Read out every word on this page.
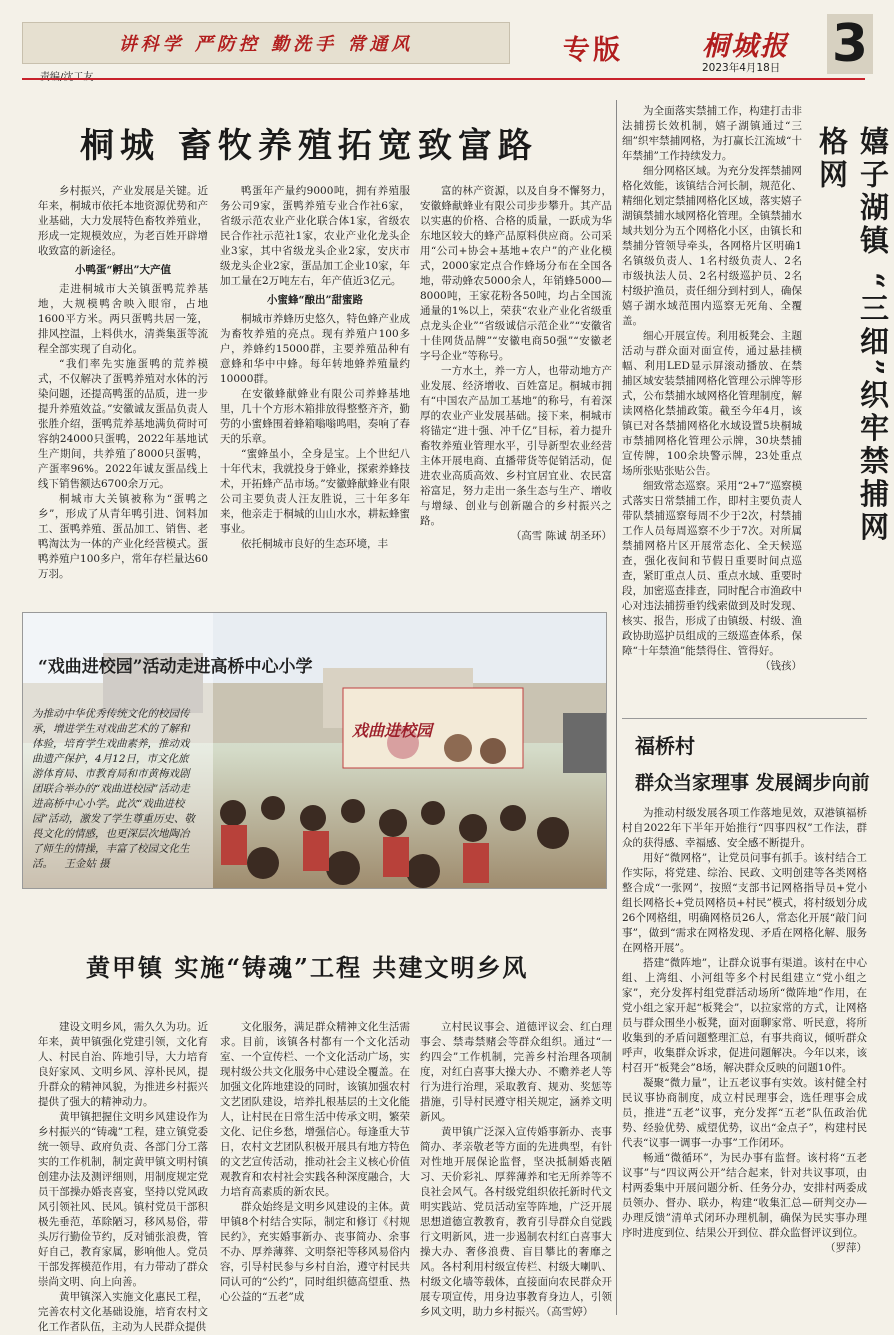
讲科学 严防控 勤洗手 常通风	专版	桐城报 3
2023年4月18日
桐城 畜牧养殖拓宽致富路

乡村振兴，产业发展是关键。近年来，桐城市依托本地资源优势和产业基础，大力发展特色畜牧养殖业，形成一定规模效应，为老百姓开辟增收致富的新途径。

小鸭蛋“孵出”大产值

走进桐城市大关镇蛋鸭荒养基地，大规模鸭舍映入眼帘，占地1600平方米。两只蛋鸭共居一笼，排风控温，上料供水，清粪集蛋等流程全部实现了自动化。

“我们率先实施蛋鸭的荒养模式，不仅解决了蛋鸭养殖对水体的污染问题，还提高鸭蛋的品质，进一步提升养殖效益。”安徽诚友蛋品负责人张胜介绍，蛋鸭荒养基地满负荷时可容纳24000只蛋鸭，2022年基地试生产期间，共养殖了8000只蛋鸭，产蛋率96%。2022年诚友蛋品线上线下销售额达6700余万元。

桐城市大关镇被称为“蛋鸭之乡”，形成了从青年鸭引进、饲料加工、蛋鸭养殖、蛋品加工、销售、老鸭淘汰为一体的产业化经营模式。蛋鸭养殖户100多户，常年存栏量达60万羽。

鸭蛋年产量约9000吨，拥有养殖服务公司9家，蛋鸭养殖专业合作社6家，省级示范农业产业化联合体1家，省级农民合作社示范社1家，农业产业化龙头企业3家，其中省级龙头企业2家，安庆市级龙头企业2家，蛋品加工企业10家，年加工量在2万吨左右，年产值近3亿元。

小蜜蜂“酿出”甜蜜路

桐城市养蜂历史悠久，特色蜂产业成为畜牧养殖的亮点。现有养殖户100多户，养蜂约15000群，主要养殖品种有意蜂和华中中蜂。每年转地蜂养殖量约10000群。

在安徽蜂献蜂业有限公司养蜂基地里，几十个方形木箱排放得整整齐齐，勤劳的小蜜蜂围着蜂箱嗡嗡鸣唱，奏响了春天的乐章。

“蜜蜂虽小，全身是宝。上个世纪八十年代末，我就投身于蜂业，探索养蜂技术，开拓蜂产品市场。”安徽蜂献蜂业有限公司主要负责人汪友胜说，三十年多年来，他亲走于桐城的山山水水，耕耘蜂蜜事业。

依托桐城市良好的生态环境，丰

富的林产资源，以及自身不懈努力，安徽蜂献蜂业有限公司步步攀升。其产品以实惠的价格、合格的质量，一跃成为华东地区较大的蜂产品原料供应商。公司采用“公司+协会+基地+农户”的产业化模式，2000家定点合作蜂场分布在全国各地，带动蜂农5000余人，年销蜂5000—8000吨，王家花粉各50吨，均占全国流通量的1%以上，荣获“农业产业化省级重点龙头企业”“省级诚信示范企业”“安徽省十佳网货品牌”“安徽电商50强”“安徽老字号企业”等称号。

一方水土，养一方人，也带动地方产业发展、经济增收、百姓富足。桐城市拥有“中国农产品加工基地”的称号，有着深厚的农业产业发展基础。接下来，桐城市将锚定“进十强、冲千亿”目标，着力提升畜牧养殖业管理水平，引导新型农业经营主体开展电商、直播带货等促销活动，促进农业高质高效、乡村宜居宜业、农民富裕富足，努力走出一条生态与生产、增收与增绿、创业与创新融合的乡村振兴之路。

（高雪 陈诚 胡圣环）	嬉子湖镇 “三细”织牢禁捕网格网

为全面落实禁捕工作，构建打击非法捕捞长效机制，嬉子湖镇通过“三细”织牢禁捕网格，为打赢长江流域“十年禁捕”工作持续发力。

细分网格区域。为充分发挥禁捕网格化效能，该镇结合河长制，规范化、精细化划定禁捕网格化区域，落实嬉子湖镇禁捕水域网格化管理。全镇禁捕水域共划分为五个网格化小区，由镇长和禁捕分管领导牵头，各网格片区明确1名镇级负责人、1名村级负责人、2名市级执法人员、2名村级巡护员、2名村级护渔员，责任细分到村到人，确保嬉子湖水域范围内巡察无死角、全覆盖。

细心开展宣传。利用板凳会、主题活动与群众面对面宣传，通过悬挂横幅、利用LED显示屏滚动播放、在禁捕区域安装禁捕网格化管理公示牌等形式，公布禁捕水域网格化管理制度，解读网格化禁捕政策。截至今年4月，该镇已对各禁捕网格化水域设置5块桐城市禁捕网格化管理公示牌，30块禁捕宣传牌，100余块警示牌，23处重点场所张贴张贴公告。

细致常态巡察。采用“2+7”巡察模式落实日常禁捕工作，即村主要负责人带队禁捕巡察每周不少于2次，村禁捕工作人员每周巡察不少于7次。对所属禁捕网格片区开展常态化、全天候巡查，强化夜间和节假日重要时间点巡查，紧盯重点人员、重点水域、重要时段，加密巡查排查，同时配合市渔政中心对违法捕捞垂钓线索做到及时发现、核实、报告，形成了由镇级、村级、渔政协助巡护员组成的三级巡查体系，保障“十年禁渔”能禁得住、管得好。

（钱孩）

戏曲进校园
“戏曲进校园”活动走进高桥中心小学
为推动中华优秀传统文化的校园传承，增进学生对戏曲艺术的了解和体验，培育学生戏曲素养，推动戏曲遗产保护，4月12日，市文化旅游体育局、市教育局和市黄梅戏剧团联合举办的“戏曲进校园”活动走进高桥中心小学。此次“戏曲进校园”活动，激发了学生尊重历史、敬畏文化的情感，也更深层次地陶冶了师生的情操，丰富了校园文化生活。 王金姑 摄
福桥村
群众当家理事 发展阔步向前

为推动村级发展各项工作落地见效，双港镇福桥村自2022年下半年开始推行“四事四权”工作法，群众的获得感、幸福感、安全感不断提升。

用好“微网格”，让党员问事有抓手。该村结合工作实际，将党建、综治、民政、文明创建等各类网格整合成“一张网”，按照“支部书记网格指导员+党小组长网格长+党员网格员+村民”模式，将村级划分成26个网格组，明确网格员26人，常态化开展“敲门问事”，做到“需求在网格发现、矛盾在网格化解、服务在网格开展”。

搭建“微阵地”，让群众说事有渠道。该村在中心组、上湾组、小河组等多个村民组建立“党小组之家”，充分发挥村组党群活动场所“微阵地”作用，在党小组之家开起“板凳会”，以拉家常的方式，让网格员与群众围坐小板凳，面对面聊家常、听民意，将所收集到的矛盾问题整理汇总，有事共商议，倾听群众呼声，收集群众诉求，促进问题解决。今年以来，该村召开“板凳会”8场，解决群众反映的问题10件。

凝聚“微力量”，让五老议事有实效。该村健全村民议事协商制度，成立村民理事会，选任理事会成员，推进“五老”议事，充分发挥“五老”队伍政治优势、经验优势、威望优势，议出“金点子”，构建村民代表“议事一调事一办事”工作闭环。

畅通“微循环”，为民办事有监督。该村将“五老议事”与“四议两公开”结合起来，针对共议事项，由村两委集中开展问题分析、任务分办，安排村两委成员领办、督办、联办，构建“收集汇总—研判交办—办理反馈”清单式闭环办理机制，确保为民实事办理序时进度到位、结果公开到位、群众监督评议到位。

（罗萍）

黄甲镇 实施“铸魂”工程 共建文明乡风

建设文明乡风，需久久为功。近年来，黄甲镇强化党建引领，文化育人、村民自治、阵地引导，大力培育良好家风、文明乡风、淳朴民风，提升群众的精神风貌，为推进乡村振兴提供了强大的精神动力。

黄甲镇把握住文明乡风建设作为乡村振兴的“铸魂”工程，建立镇党委统一领导、政府负责、各部门分工落实的工作机制，制定黄甲镇文明村镇创建办法及测评细则，用制度规定党员干部操办婚丧喜宴，坚持以党风政风引领社风、民风。镇村党员干部积极先垂范，革除陋习，移风易俗，带头厉行勤俭节约，反对铺张浪费，管好自己，教育家属，影响他人。党员干部发挥模范作用，有力带动了群众崇尚文明、向上向善。

黄甲镇深入实施文化惠民工程，完善农村文化基础设施，培育农村文化工作者队伍，主动为人民群众提供

文化服务，满足群众精神文化生活需求。目前，该镇各村都有一个文化活动室、一个宣传栏、一个文化活动广场，实现村级公共文化服务中心建设全覆盖。在加强文化阵地建设的同时，该镇加强农村文艺团队建设，培养扎根基层的土文化能人，让村民在日常生活中传承文明，繁荣文化、记住乡愁，增强信心。每逢重大节日，农村文艺团队积极开展具有地方特色的文艺宣传活动，推动社会主义核心价值观教育和农村社会实践各种深度融合，大力培育高素质的新农民。

群众始终是文明乡风建设的主体。黄甲镇8个村结合实际，制定和修订《村规民约》，充实婚事新办、丧事简办、余事不办、厚养薄葬、文明祭祀等移风易俗内容，引导村民参与乡村自治，遵守村民共同认可的“公约”，同时组织德高望重、热心公益的“五老”成

立村民议事会、道德评议会、红白理事会、禁毒禁赌会等群众组织。通过“一约四会”工作机制，完善乡村治理各项制度，对红白喜事大操大办、不赡养老人等行为进行治理，采取教育、规劝、奖惩等措施，引导村民遵守相关规定，涵养文明新风。

黄甲镇广泛深入宣传婚事新办、丧事简办、孝亲敬老等方面的先进典型，有针对性地开展保论监督，坚决抵制婚丧陋习、天价彩礼、厚葬薄养和宅无所养等不良社会风气。各村级党组织依托新时代文明实践站、党员活动室等阵地，广泛开展思想道德宣教教育，教育引导群众自觉践行文明新风，进一步遏制农村红白喜事大操大办、奢侈浪费、盲目攀比的奢靡之风。各村利用村级宣传栏、村级大喇叭、村级文化墙等载体，直接面向农民群众开展专项宣传，用身边事教育身边人，引领乡风文明，助力乡村振兴。（高雪婷）
